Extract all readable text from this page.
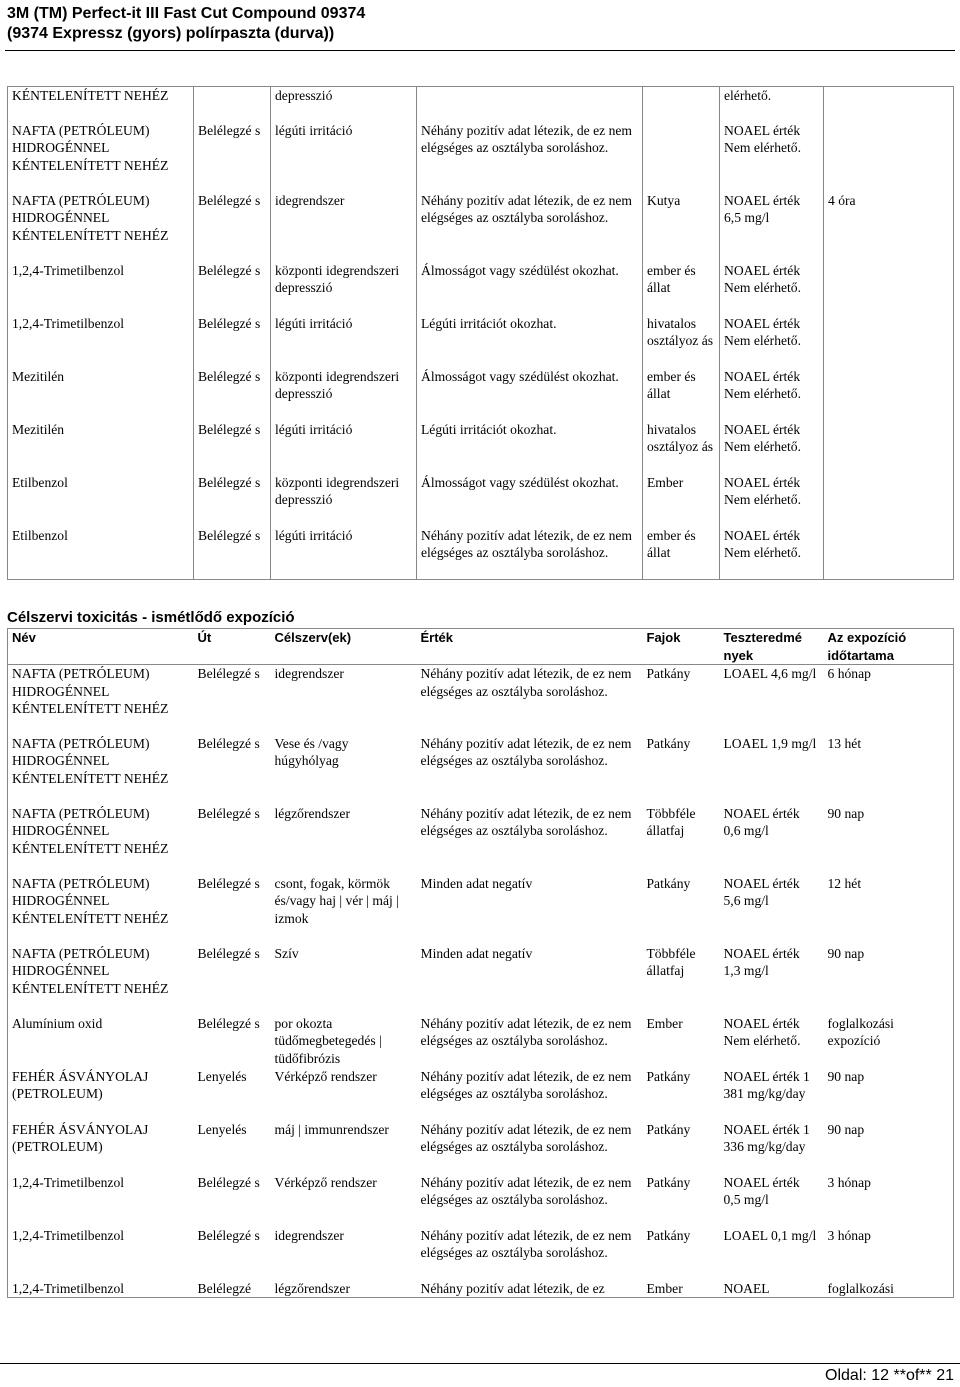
3M (TM) Perfect-it III Fast Cut Compound 09374
(9374 Expressz (gyors) polírpaszta (durva))
KÉNTELENÍTETT NEHÉZ		depresszió			elérhető.	
NAFTA (PETRÓLEUM) HIDROGÉNNEL KÉNTELENÍTETT NEHÉZ	Belélegzé s	légúti irritáció	Néhány pozitív adat létezik, de ez nem elégséges az osztályba soroláshoz.		NOAEL érték Nem elérhető.	
NAFTA (PETRÓLEUM) HIDROGÉNNEL KÉNTELENÍTETT NEHÉZ	Belélegzé s	idegrendszer	Néhány pozitív adat létezik, de ez nem elégséges az osztályba soroláshoz.	Kutya	NOAEL érték 6,5 mg/l	4 óra
1,2,4-Trimetilbenzol	Belélegzé s	központi idegrendszeri depresszió	Álmosságot vagy szédülést okozhat.	ember és állat	NOAEL érték Nem elérhető.	
1,2,4-Trimetilbenzol	Belélegzé s	légúti irritáció	Légúti irritációt okozhat.	hivatalos osztályoz ás	NOAEL érték Nem elérhető.	
Mezitilén	Belélegzé s	központi idegrendszeri depresszió	Álmosságot vagy szédülést okozhat.	ember és állat	NOAEL érték Nem elérhető.	
Mezitilén	Belélegzé s	légúti irritáció	Légúti irritációt okozhat.	hivatalos osztályoz ás	NOAEL érték Nem elérhető.	
Etilbenzol	Belélegzé s	központi idegrendszeri depresszió	Álmosságot vagy szédülést okozhat.	Ember	NOAEL érték Nem elérhető.	
Etilbenzol	Belélegzé s	légúti irritáció	Néhány pozitív adat létezik, de ez nem elégséges az osztályba soroláshoz.	ember és állat	NOAEL érték Nem elérhető.	
Célszervi toxicitás - ismétlődő expozíció
Név	Út	Célszerv(ek)	Érték	Fajok	Teszteredmé nyek	Az expozíció időtartama
NAFTA (PETRÓLEUM) HIDROGÉNNEL KÉNTELENÍTETT NEHÉZ	Belélegzé s	idegrendszer	Néhány pozitív adat létezik, de ez nem elégséges az osztályba soroláshoz.	Patkány	LOAEL 4,6 mg/l	6 hónap
NAFTA (PETRÓLEUM) HIDROGÉNNEL KÉNTELENÍTETT NEHÉZ	Belélegzé s	Vese és /vagy húgyhólyag	Néhány pozitív adat létezik, de ez nem elégséges az osztályba soroláshoz.	Patkány	LOAEL 1,9 mg/l	13 hét
NAFTA (PETRÓLEUM) HIDROGÉNNEL KÉNTELENÍTETT NEHÉZ	Belélegzé s	légzőrendszer	Néhány pozitív adat létezik, de ez nem elégséges az osztályba soroláshoz.	Többféle állatfaj	NOAEL érték 0,6 mg/l	90 nap
NAFTA (PETRÓLEUM) HIDROGÉNNEL KÉNTELENÍTETT NEHÉZ	Belélegzé s	csont, fogak, körmök és/vagy haj | vér | máj | izmok	Minden adat negatív	Patkány	NOAEL érték 5,6 mg/l	12 hét
NAFTA (PETRÓLEUM) HIDROGÉNNEL KÉNTELENÍTETT NEHÉZ	Belélegzé s	Szív	Minden adat negatív	Többféle állatfaj	NOAEL érték 1,3 mg/l	90 nap
Alumínium oxid	Belélegzé s	por okozta tüdőmegbetegedés | tüdőfibrózis	Néhány pozitív adat létezik, de ez nem elégséges az osztályba soroláshoz.	Ember	NOAEL érték Nem elérhető.	foglalkozási expozíció
FEHÉR ÁSVÁNYOLAJ (PETROLEUM)	Lenyelés	Vérképző rendszer	Néhány pozitív adat létezik, de ez nem elégséges az osztályba soroláshoz.	Patkány	NOAEL érték 1 381 mg/kg/day	90 nap
FEHÉR ÁSVÁNYOLAJ (PETROLEUM)	Lenyelés	máj | immunrendszer	Néhány pozitív adat létezik, de ez nem elégséges az osztályba soroláshoz.	Patkány	NOAEL érték 1 336 mg/kg/day	90 nap
1,2,4-Trimetilbenzol	Belélegzé s	Vérképző rendszer	Néhány pozitív adat létezik, de ez nem elégséges az osztályba soroláshoz.	Patkány	NOAEL érték 0,5 mg/l	3 hónap
1,2,4-Trimetilbenzol	Belélegzé s	idegrendszer	Néhány pozitív adat létezik, de ez nem elégséges az osztályba soroláshoz.	Patkány	LOAEL 0,1 mg/l	3 hónap
1,2,4-Trimetilbenzol	Belélegzé	légzőrendszer	Néhány pozitív adat létezik, de ez	Ember	NOAEL	foglalkozási
Oldal: 12 **of** 21
